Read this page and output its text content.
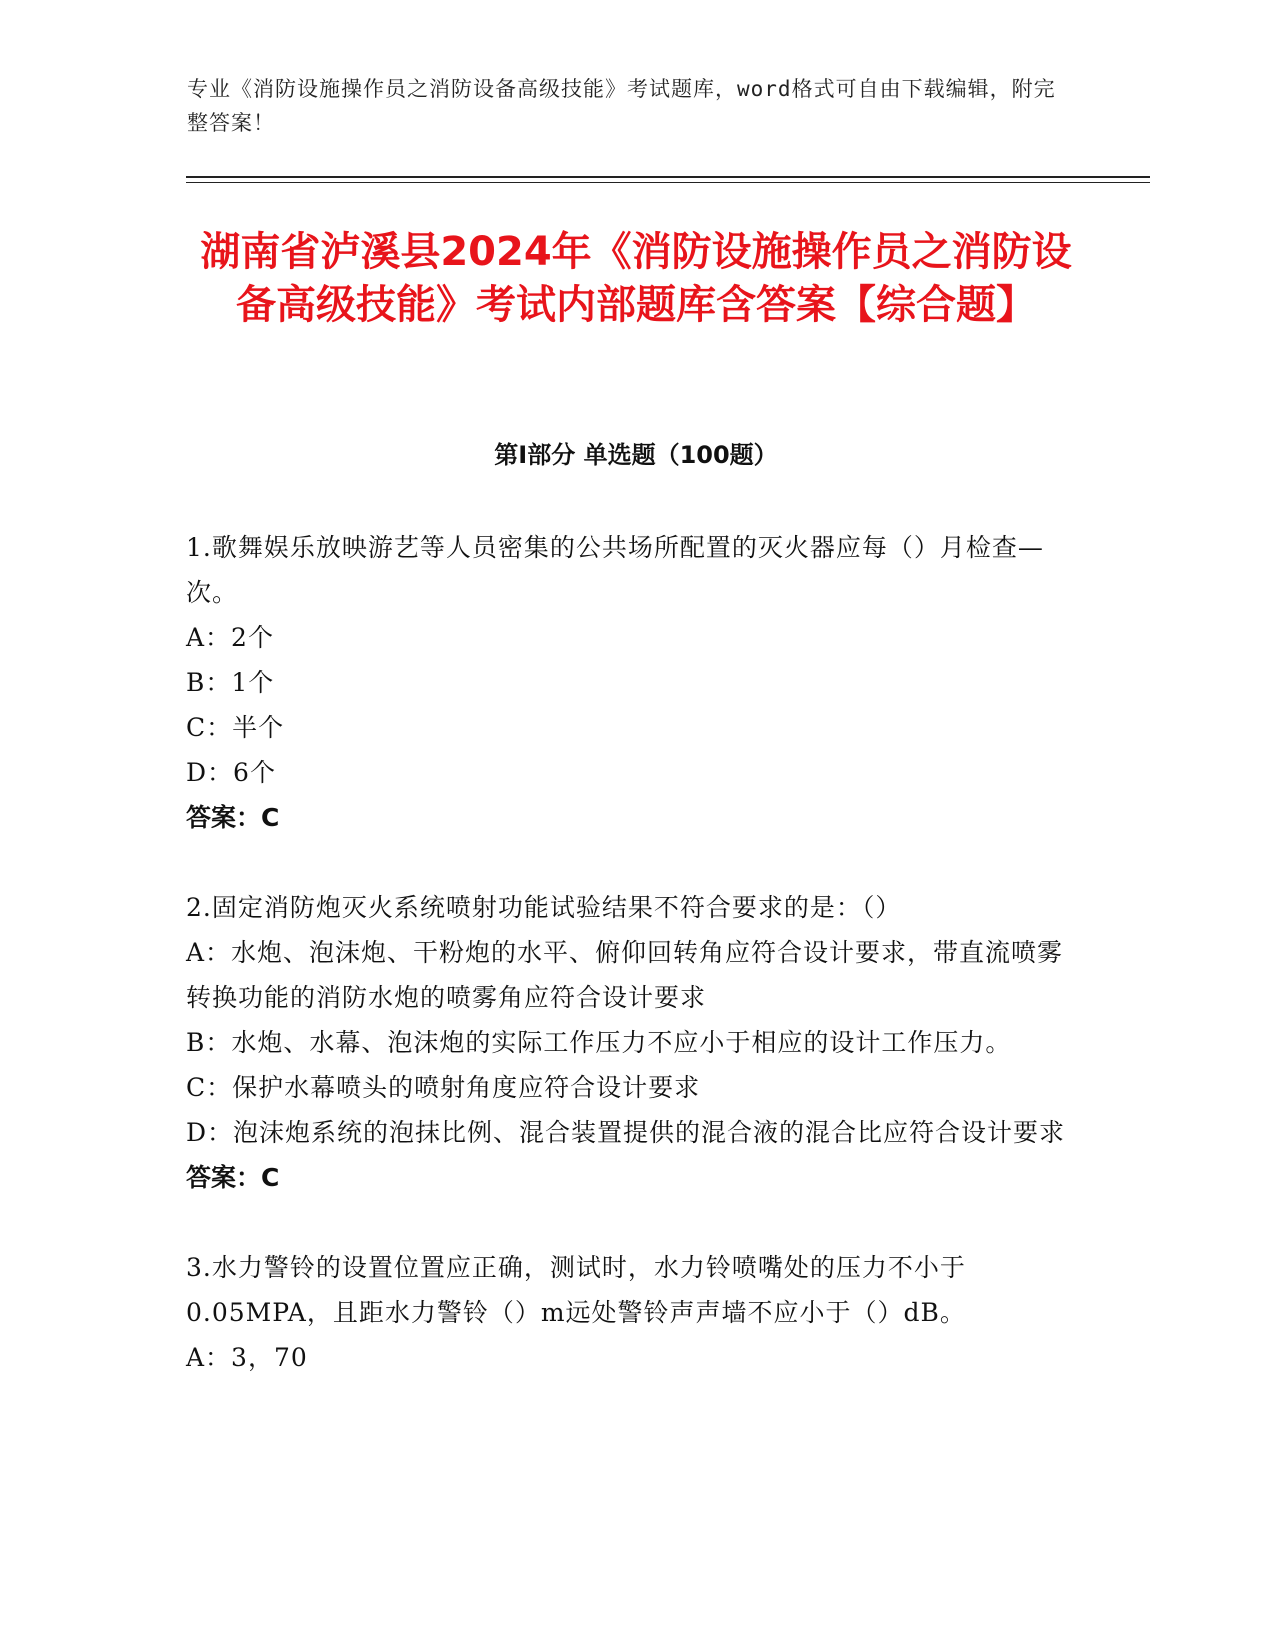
专业《消防设施操作员之消防设备高级技能》考试题库，word格式可自由下载编辑，附完整答案！
湖南省泸溪县2024年《消防设施操作员之消防设备高级技能》考试内部题库含答案【综合题】
第Ⅰ部分 单选题（100题）

1.歌舞娱乐放映游艺等人员密集的公共场所配置的灭火器应每（）月检查—次。

A：2个

B：1个

C：半个

D：6个

答案：C

2.固定消防炮灭火系统喷射功能试验结果不符合要求的是：（）

A：水炮、泡沫炮、干粉炮的水平、俯仰回转角应符合设计要求，带直流喷雾转换功能的消防水炮的喷雾角应符合设计要求

B：水炮、水幕、泡沫炮的实际工作压力不应小于相应的设计工作压力。

C：保护水幕喷头的喷射角度应符合设计要求

D：泡沫炮系统的泡抹比例、混合装置提供的混合液的混合比应符合设计要求

答案：C

3.水力警铃的设置位置应正确，测试时，水力铃喷嘴处的压力不小于0.05MPA，且距水力警铃（）m远处警铃声声墙不应小于（）dB。

A：3，70
